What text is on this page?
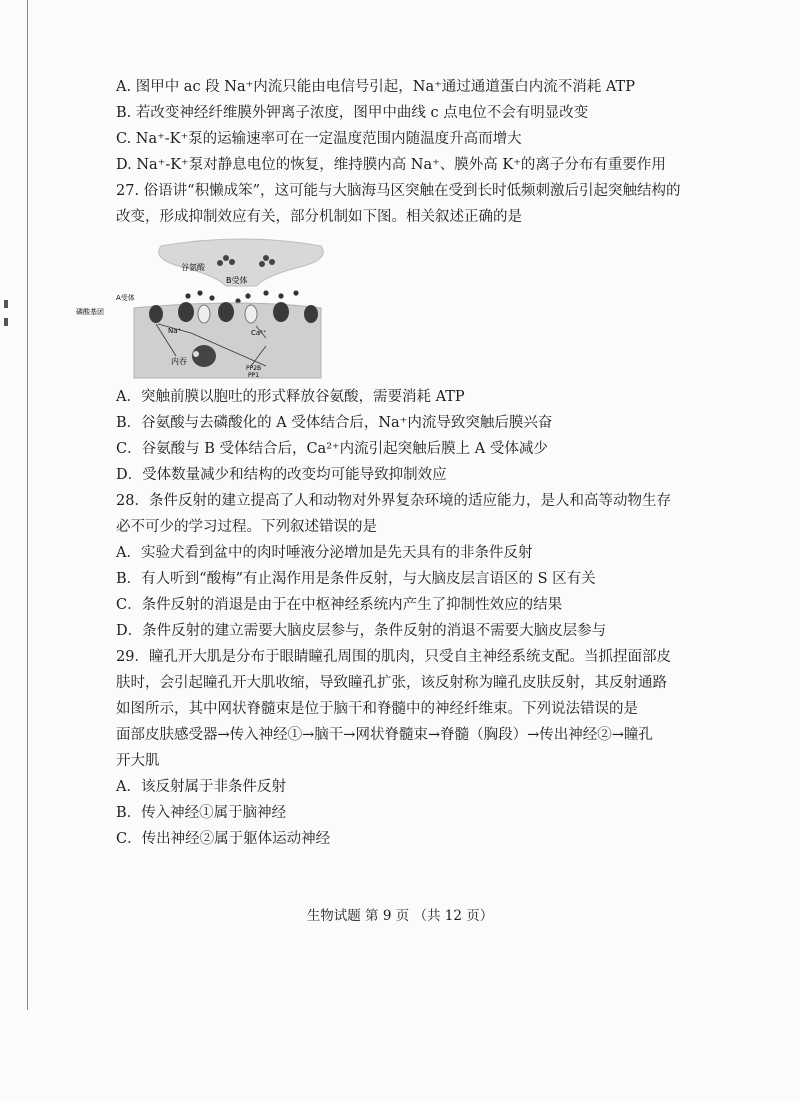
A. 图甲中 ac 段 Na⁺内流只能由电信号引起，Na⁺通过通道蛋白内流不消耗 ATP
B. 若改变神经纤维膜外钾离子浓度，图甲中曲线 c 点电位不会有明显改变
C. Na⁺-K⁺泵的运输速率可在一定温度范围内随温度升高而增大
D. Na⁺-K⁺泵对静息电位的恢复，维持膜内高 Na⁺、膜外高 K⁺的离子分布有重要作用
27. 俗语讲“积懒成笨”，这可能与大脑海马区突触在受到长时低频刺激后引起突触结构的
改变，形成抑制效应有关，部分机制如下图。相关叙述正确的是
谷氨酸
B受体
A受体
磷酸基团
Na⁺	Ca²⁺
内吞
PP2B
PP1
A．突触前膜以胞吐的形式释放谷氨酸，需要消耗 ATP
B．谷氨酸与去磷酸化的 A 受体结合后，Na⁺内流导致突触后膜兴奋
C．谷氨酸与 B 受体结合后，Ca²⁺内流引起突触后膜上 A 受体减少
D．受体数量减少和结构的改变均可能导致抑制效应
28．条件反射的建立提高了人和动物对外界复杂环境的适应能力，是人和高等动物生存
必不可少的学习过程。下列叙述错误的是
A．实验犬看到盆中的肉时唾液分泌增加是先天具有的非条件反射
B．有人听到“酸梅”有止渴作用是条件反射，与大脑皮层言语区的 S 区有关
C．条件反射的消退是由于在中枢神经系统内产生了抑制性效应的结果
D．条件反射的建立需要大脑皮层参与，条件反射的消退不需要大脑皮层参与
29．瞳孔开大肌是分布于眼睛瞳孔周围的肌肉，只受自主神经系统支配。当抓捏面部皮
肤时，会引起瞳孔开大肌收缩，导致瞳孔扩张，该反射称为瞳孔皮肤反射，其反射通路
如图所示，其中网状脊髓束是位于脑干和脊髓中的神经纤维束。下列说法错误的是
面部皮肤感受器→传入神经①→脑干→网状脊髓束→脊髓（胸段）→传出神经②→瞳孔
开大肌
A．该反射属于非条件反射
B．传入神经①属于脑神经
C．传出神经②属于躯体运动神经
生物试题 第 9 页 （共 12 页）
